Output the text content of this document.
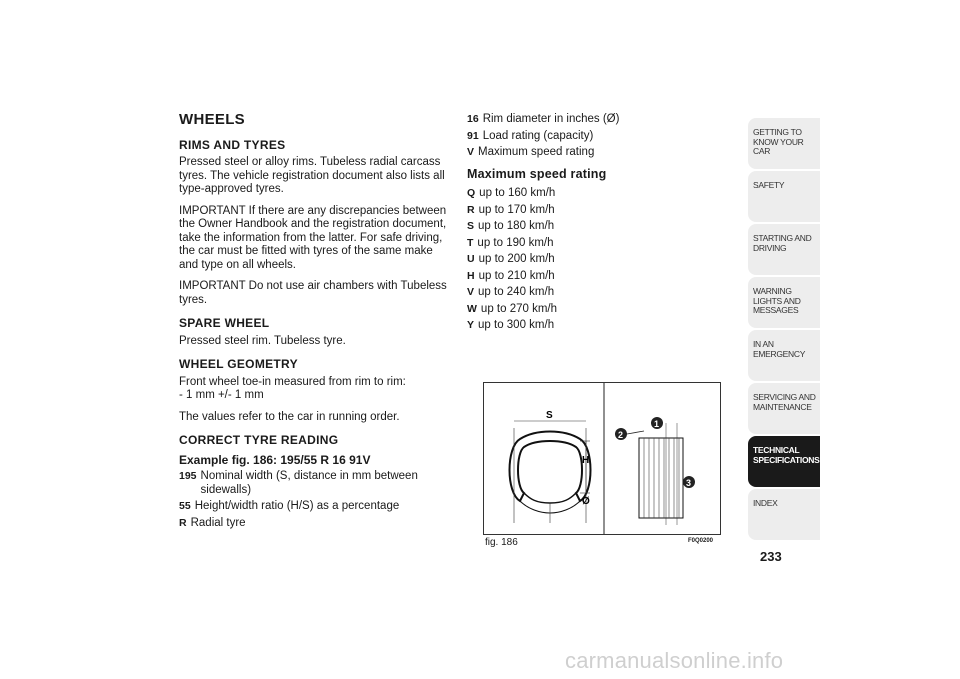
WHEELS
RIMS AND TYRES

Pressed steel or alloy rims. Tubeless radial carcass tyres. The vehicle registration document also lists all type-approved tyres.

IMPORTANT If there are any discrepancies between the Owner Handbook and the registration document, take the information from the latter. For safe driving, the car must be fitted with tyres of the same make and type on all wheels.

IMPORTANT Do not use air chambers with Tubeless tyres.

SPARE WHEEL

Pressed steel rim. Tubeless tyre.

WHEEL GEOMETRY
Front wheel toe-in measured from rim to rim:

- 1 mm +/- 1 mm

The values refer to the car in running order.

CORRECT TYRE READING
Example fig. 186: 195/55 R 16 91V
195 Nominal width (S, distance in mm between sidewalls)
55 Height/width ratio (H/S) as a percentage
R Radial tyre
16 Rim diameter in inches (Ø)
91 Load rating (capacity)
V Maximum speed rating
Maximum speed rating
Q up to 160 km/h
R up to 170 km/h
S up to 180 km/h
T up to 190 km/h
U up to 200 km/h
H up to 210 km/h
V up to 240 km/h
W up to 270 km/h
Y up to 300 km/h
S
H
Ø
1
2
3
fig. 186	F0Q0200
GETTING TO KNOW YOUR CAR
SAFETY
STARTING AND DRIVING
WARNING LIGHTS AND MESSAGES
IN AN EMERGENCY
SERVICING AND MAINTENANCE
TECHNICAL SPECIFICATIONS
INDEX
233
carmanualsonline.info
